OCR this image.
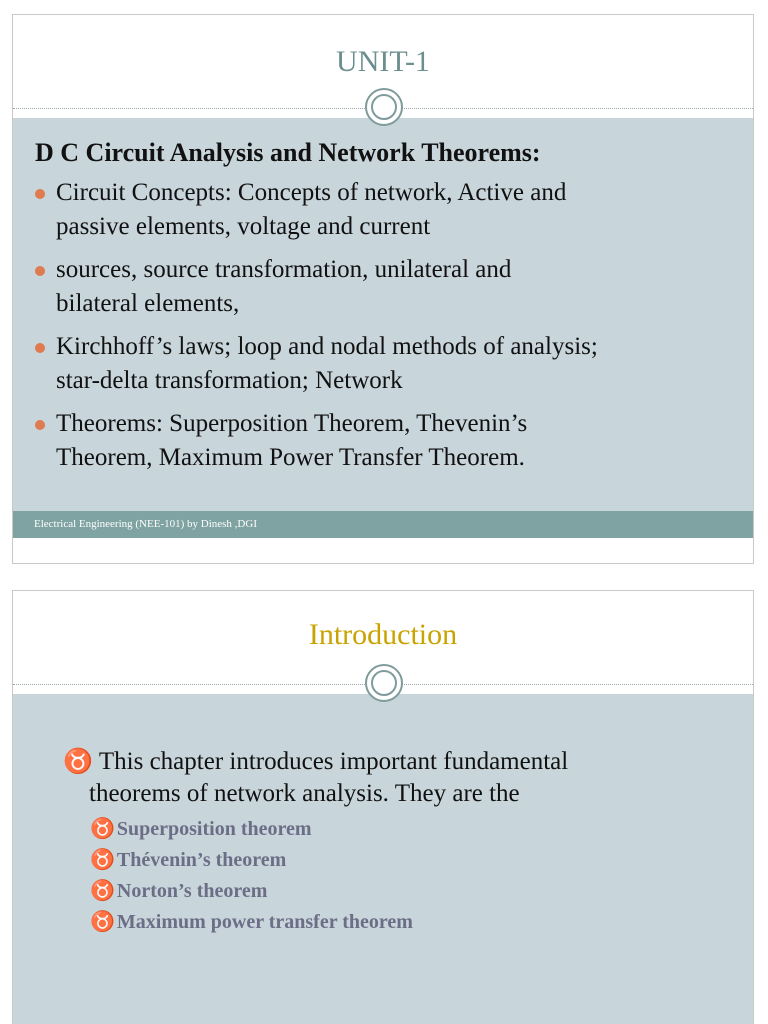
UNIT-1
D C Circuit Analysis and Network Theorems:
Circuit Concepts: Concepts of network, Active and
passive elements, voltage and current
sources, source transformation, unilateral and
bilateral elements,
Kirchhoff’s laws; loop and nodal methods of analysis;
star-delta transformation; Network
Theorems: Superposition Theorem, Thevenin’s
Theorem, Maximum Power Transfer Theorem.
Electrical Engineering (NEE-101) by Dinesh ,DGI
Introduction
♉ This chapter introduces important fundamental
theorems of network analysis. They are the
♉ Superposition theorem
♉ Thévenin’s theorem
♉ Norton’s theorem
♉ Maximum power transfer theorem
